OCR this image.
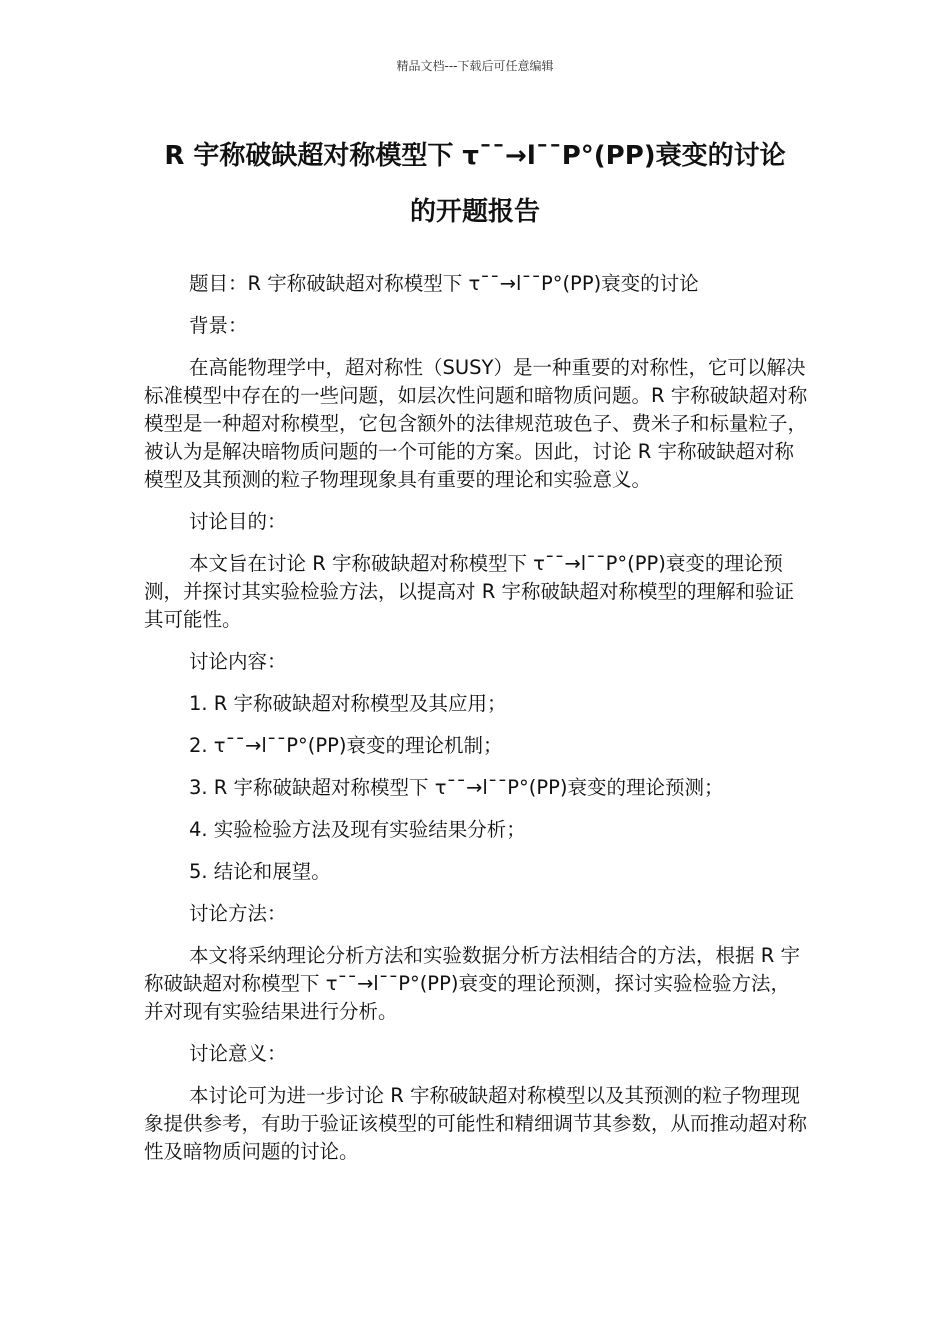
精品文档---下载后可任意编辑
R 宇称破缺超对称模型下 τ¯¯→l¯¯P°(PP)衰变的讨论
的开题报告

题目：R 宇称破缺超对称模型下 τ¯¯→l¯¯P°(PP)衰变的讨论

背景：

在高能物理学中，超对称性（SUSY）是一种重要的对称性，它可以解决标准模型中存在的一些问题，如层次性问题和暗物质问题。R 宇称破缺超对称模型是一种超对称模型，它包含额外的法律规范玻色子、费米子和标量粒子，被认为是解决暗物质问题的一个可能的方案。因此，讨论 R 宇称破缺超对称模型及其预测的粒子物理现象具有重要的理论和实验意义。

讨论目的：

本文旨在讨论 R 宇称破缺超对称模型下 τ¯¯→l¯¯P°(PP)衰变的理论预测，并探讨其实验检验方法，以提高对 R 宇称破缺超对称模型的理解和验证其可能性。

讨论内容：

1. R 宇称破缺超对称模型及其应用；

2. τ¯¯→l¯¯P°(PP)衰变的理论机制；

3. R 宇称破缺超对称模型下 τ¯¯→l¯¯P°(PP)衰变的理论预测；

4. 实验检验方法及现有实验结果分析；

5. 结论和展望。

讨论方法：

本文将采纳理论分析方法和实验数据分析方法相结合的方法，根据 R 宇称破缺超对称模型下 τ¯¯→l¯¯P°(PP)衰变的理论预测，探讨实验检验方法，并对现有实验结果进行分析。

讨论意义：

本讨论可为进一步讨论 R 宇称破缺超对称模型以及其预测的粒子物理现象提供参考，有助于验证该模型的可能性和精细调节其参数，从而推动超对称性及暗物质问题的讨论。
